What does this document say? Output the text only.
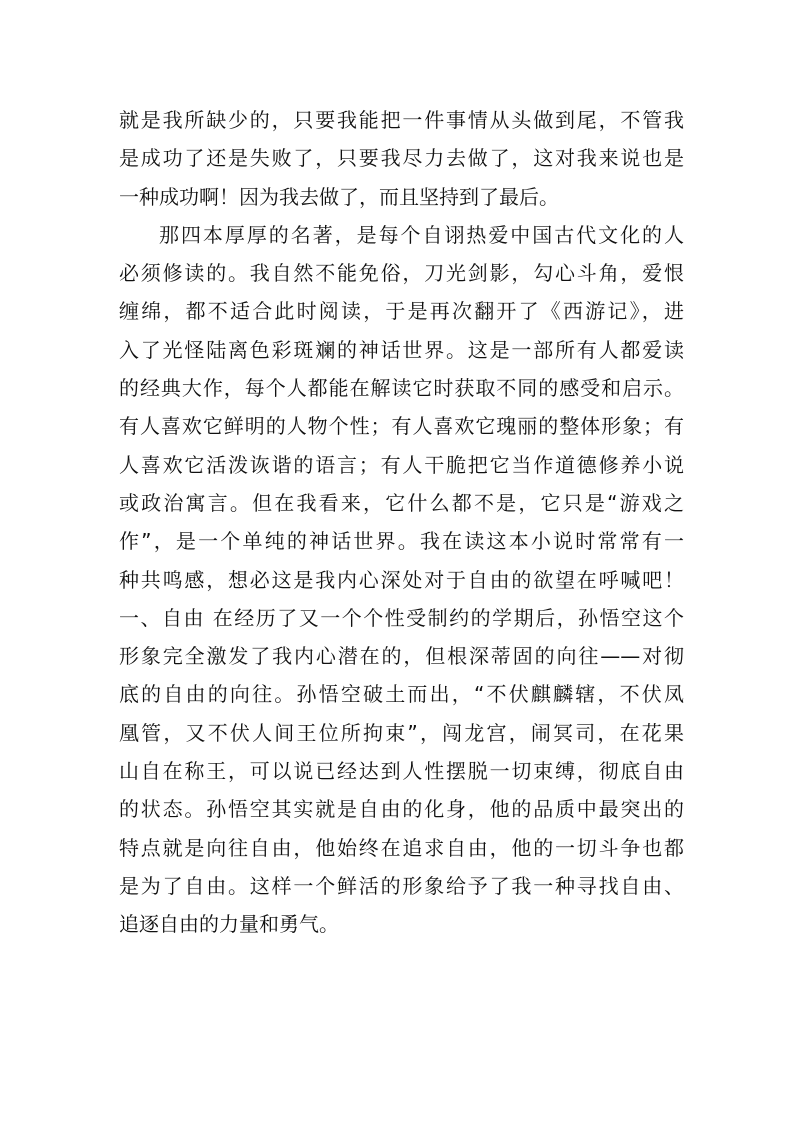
就是我所缺少的，只要我能把一件事情从头做到尾，不管我
是成功了还是失败了，只要我尽力去做了，这对我来说也是
一种成功啊！因为我去做了，而且坚持到了最后。
那四本厚厚的名著，是每个自诩热爱中国古代文化的人
必须修读的。我自然不能免俗，刀光剑影，勾心斗角，爱恨
缠绵，都不适合此时阅读，于是再次翻开了《西游记》，进
入了光怪陆离色彩斑斓的神话世界。这是一部所有人都爱读
的经典大作，每个人都能在解读它时获取不同的感受和启示。
有人喜欢它鲜明的人物个性；有人喜欢它瑰丽的整体形象；有
人喜欢它活泼诙谐的语言；有人干脆把它当作道德修养小说
或政治寓言。但在我看来，它什么都不是，它只是“游戏之
作”，是一个单纯的神话世界。我在读这本小说时常常有一
种共鸣感，想必这是我内心深处对于自由的欲望在呼喊吧！
一、自由 在经历了又一个个性受制约的学期后，孙悟空这个
形象完全激发了我内心潜在的，但根深蒂固的向往——对彻
底的自由的向往。孙悟空破土而出，“不伏麒麟辖，不伏凤
凰管，又不伏人间王位所拘束”，闯龙宫，闹冥司，在花果
山自在称王，可以说已经达到人性摆脱一切束缚，彻底自由
的状态。孙悟空其实就是自由的化身，他的品质中最突出的
特点就是向往自由，他始终在追求自由，他的一切斗争也都
是为了自由。这样一个鲜活的形象给予了我一种寻找自由、
追逐自由的力量和勇气。
